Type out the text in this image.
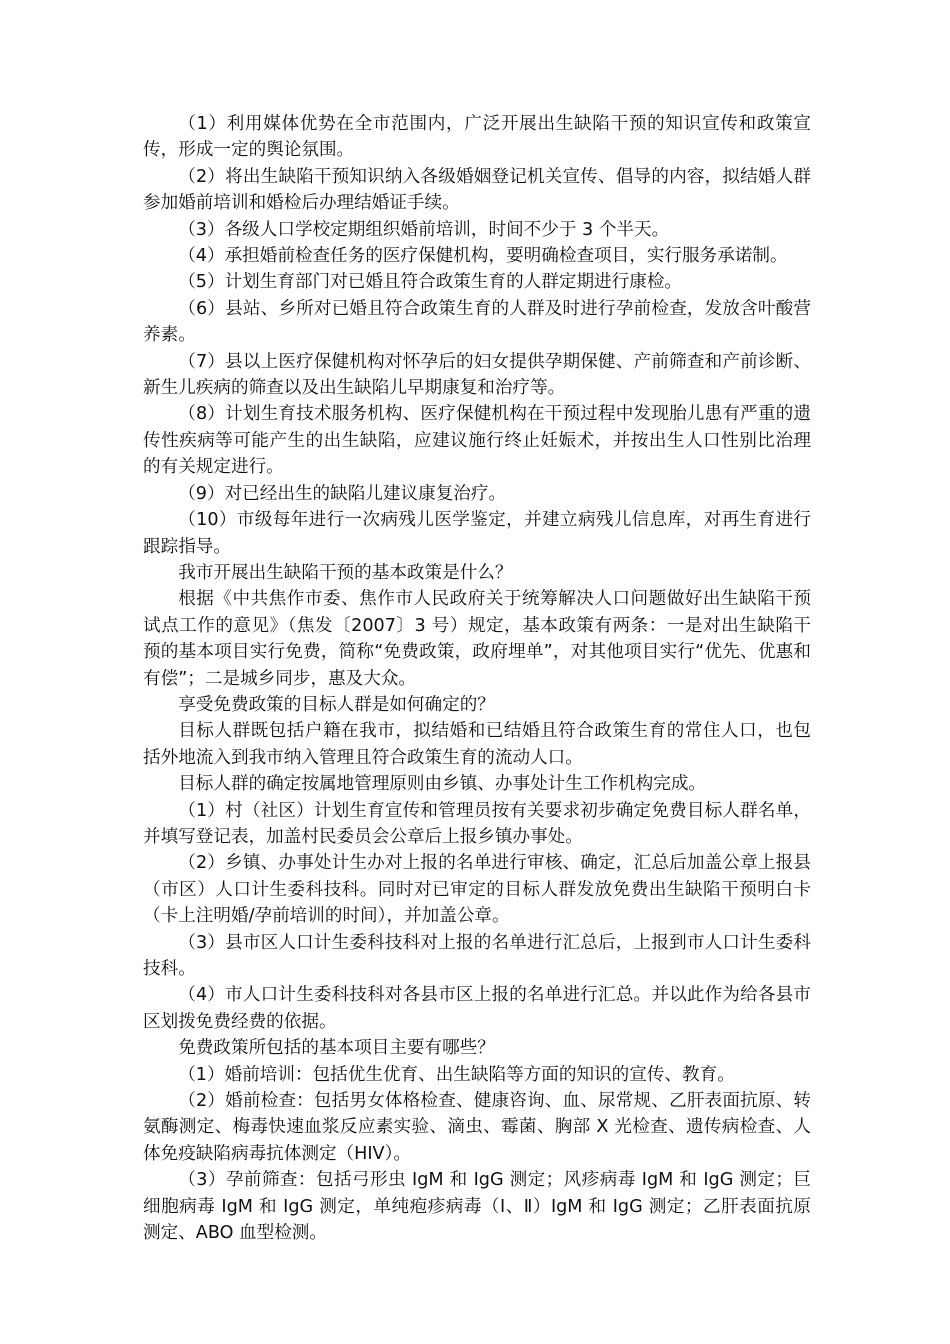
（1）利用媒体优势在全市范围内，广泛开展出生缺陷干预的知识宣传和政策宣传，形成一定的舆论氛围。

（2）将出生缺陷干预知识纳入各级婚姻登记机关宣传、倡导的内容，拟结婚人群参加婚前培训和婚检后办理结婚证手续。

（3）各级人口学校定期组织婚前培训，时间不少于 3 个半天。

（4）承担婚前检查任务的医疗保健机构，要明确检查项目，实行服务承诺制。

（5）计划生育部门对已婚且符合政策生育的人群定期进行康检。

（6）县站、乡所对已婚且符合政策生育的人群及时进行孕前检查，发放含叶酸营养素。

（7）县以上医疗保健机构对怀孕后的妇女提供孕期保健、产前筛查和产前诊断、新生儿疾病的筛查以及出生缺陷儿早期康复和治疗等。

（8）计划生育技术服务机构、医疗保健机构在干预过程中发现胎儿患有严重的遗传性疾病等可能产生的出生缺陷，应建议施行终止妊娠术，并按出生人口性别比治理的有关规定进行。

（9）对已经出生的缺陷儿建议康复治疗。

（10）市级每年进行一次病残儿医学鉴定，并建立病残儿信息库，对再生育进行跟踪指导。

我市开展出生缺陷干预的基本政策是什么？

根据《中共焦作市委、焦作市人民政府关于统筹解决人口问题做好出生缺陷干预试点工作的意见》（焦发〔2007〕3 号）规定，基本政策有两条：一是对出生缺陷干预的基本项目实行免费，简称“免费政策，政府埋单”，对其他项目实行“优先、优惠和有偿”；二是城乡同步，惠及大众。

享受免费政策的目标人群是如何确定的？

目标人群既包括户籍在我市，拟结婚和已结婚且符合政策生育的常住人口，也包括外地流入到我市纳入管理且符合政策生育的流动人口。

目标人群的确定按属地管理原则由乡镇、办事处计生工作机构完成。

（1）村（社区）计划生育宣传和管理员按有关要求初步确定免费目标人群名单，并填写登记表，加盖村民委员会公章后上报乡镇办事处。

（2）乡镇、办事处计生办对上报的名单进行审核、确定，汇总后加盖公章上报县（市区）人口计生委科技科。同时对已审定的目标人群发放免费出生缺陷干预明白卡（卡上注明婚/孕前培训的时间），并加盖公章。

（3）县市区人口计生委科技科对上报的名单进行汇总后，上报到市人口计生委科技科。

（4）市人口计生委科技科对各县市区上报的名单进行汇总。并以此作为给各县市区划拨免费经费的依据。

免费政策所包括的基本项目主要有哪些？

（1）婚前培训：包括优生优育、出生缺陷等方面的知识的宣传、教育。

（2）婚前检查：包括男女体格检查、健康咨询、血、尿常规、乙肝表面抗原、转氨酶测定、梅毒快速血浆反应素实验、滴虫、霉菌、胸部 X 光检查、遗传病检查、人体免疫缺陷病毒抗体测定（HIV）。

（3）孕前筛查：包括弓形虫 IgM 和 IgG 测定；风疹病毒 IgM 和 IgG 测定；巨细胞病毒 IgM 和 IgG 测定，单纯疱疹病毒（Ⅰ、Ⅱ）IgM 和 IgG 测定；乙肝表面抗原测定、ABO 血型检测。
